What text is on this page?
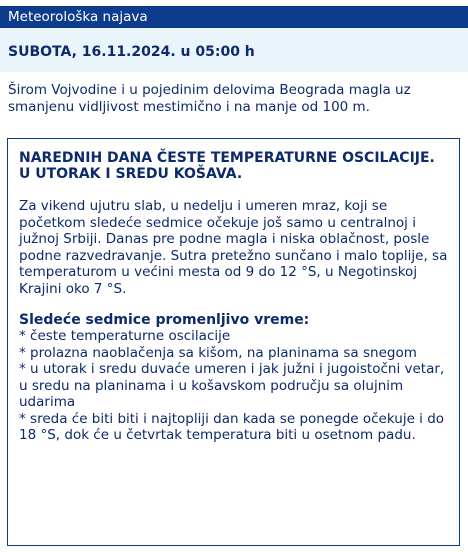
Meteorološka najava
SUBOTA, 16.11.2024. u 05:00 h
Širom Vojvodine i u pojedinim delovima Beograda magla uz smanjenu vidljivost mestimično i na manje od 100 m.
NAREDNIH DANA ČESTE TEMPERATURNE OSCILACIJE. U UTORAK I SREDU KOŠAVA.
Za vikend ujutru slab, u nedelju i umeren mraz, koji se početkom sledeće sedmice očekuje još samo u centralnoj i južnoj Srbiji. Danas pre podne magla i niska oblačnost, posle podne razvedravanje. Sutra pretežno sunčano i malo toplije, sa temperaturom u većini mesta od 9 do 12 °S, u Negotinskoj Krajini oko 7 °S.
Sledeće sedmice promenljivo vreme:
* česte temperaturne oscilacije
* prolazna naoblačenja sa kišom, na planinama sa snegom
* u utorak i sredu duvaće umeren i jak južni i jugoistočni vetar, u sredu na planinama i u košavskom području sa olujnim udarima
* sreda će biti biti i najtopliji dan kada se ponegde očekuje i do 18 °S, dok će u četvrtak temperatura biti u osetnom padu.
